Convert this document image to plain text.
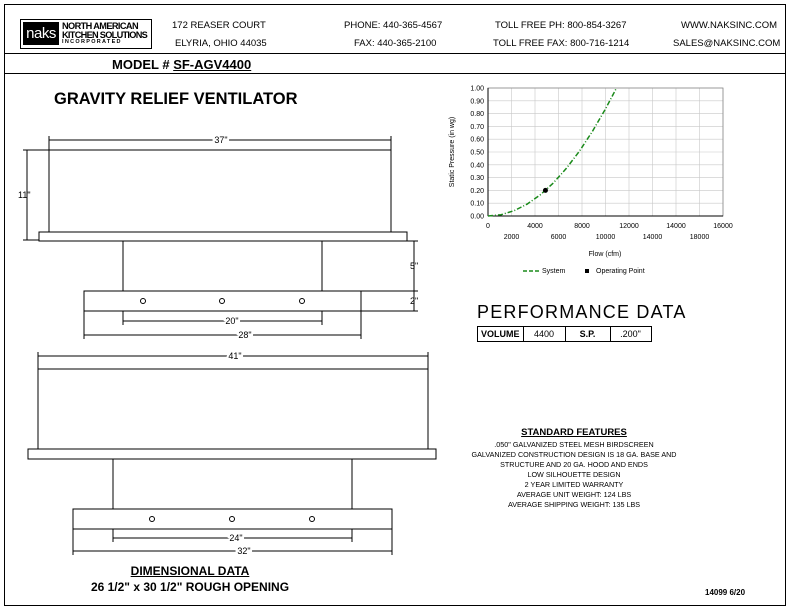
naks NORTH AMERICAN
KITCHEN SOLUTIONS
INCORPORATED
172 REASER COURT
ELYRIA, OHIO 44035
PHONE: 440-365-4567
FAX: 440-365-2100
TOLL FREE PH: 800-854-3267
TOLL FREE FAX: 800-716-1214
WWW.NAKSINC.COM
SALES@NAKSINC.COM
MODEL # SF-AGV4400
GRAVITY RELIEF VENTILATOR
37"
11"
5"
2"
20"
28"
41"
24"
32"
0.00
0.10
0.20
0.30
0.40
0.50
0.60
0.70
0.80
0.90
1.00
0	4000	8000	12000	14000	16000
2000	6000	10000	14000	18000
Flow (cfm)
Static Pressure (in wg)
System	Operating Point
PERFORMANCE DATA
VOLUME	4400	S.P.	.200"
STANDARD FEATURES
.050" GALVANIZED STEEL MESH BIRDSCREEN
GALVANIZED CONSTRUCTION DESIGN IS 18 GA. BASE AND
STRUCTURE AND 20 GA. HOOD AND ENDS
LOW SILHOUETTE DESIGN
2 YEAR LIMITED WARRANTY
AVERAGE UNIT WEIGHT: 124 LBS
AVERAGE SHIPPING WEIGHT: 135 LBS
DIMENSIONAL DATA
26 1/2" x 30 1/2" ROUGH OPENING	14099 6/20
